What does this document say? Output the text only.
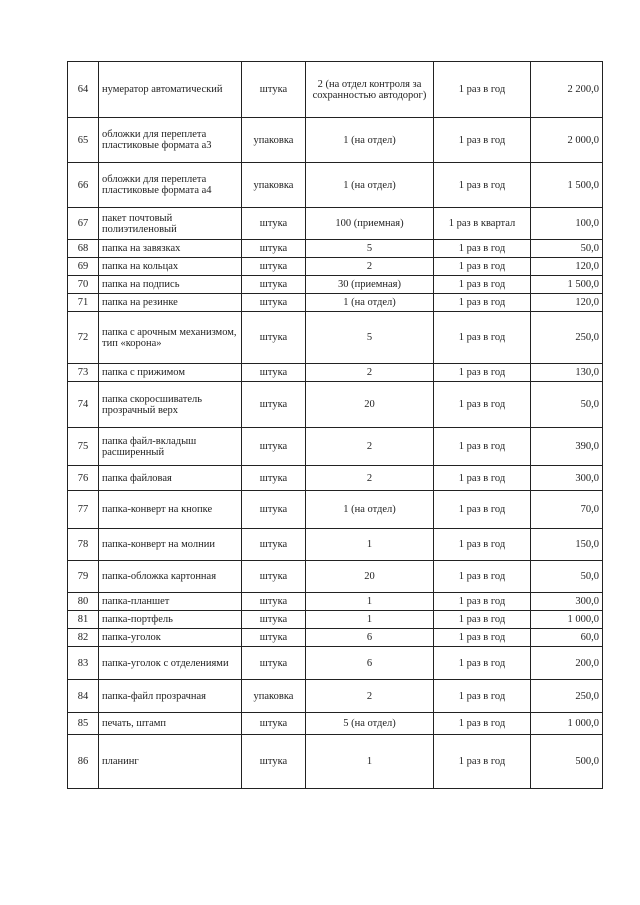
64	нумератор автоматический	штука	2 (на отдел контроля за сохранностью автодорог)	1 раз в год	2 200,0
65	обложки для переплета пластиковые формата а3	упаковка	1 (на отдел)	1 раз в год	2 000,0
66	обложки для переплета пластиковые формата а4	упаковка	1 (на отдел)	1 раз в год	1 500,0
67	пакет почтовый полиэтиленовый	штука	100 (приемная)	1 раз в квартал	100,0
68	папка на завязках	штука	5	1 раз в год	50,0
69	папка на кольцах	штука	2	1 раз в год	120,0
70	папка на подпись	штука	30 (приемная)	1 раз в год	1 500,0
71	папка на резинке	штука	1 (на отдел)	1 раз в год	120,0
72	папка с арочным механизмом, тип «корона»	штука	5	1 раз в год	250,0
73	папка с прижимом	штука	2	1 раз в год	130,0
74	папка скоросшиватель прозрачный верх	штука	20	1 раз в год	50,0
75	папка файл-вкладыш расширенный	штука	2	1 раз в год	390,0
76	папка файловая	штука	2	1 раз в год	300,0
77	папка-конверт на кнопке	штука	1 (на отдел)	1 раз в год	70,0
78	папка-конверт на молнии	штука	1	1 раз в год	150,0
79	папка-обложка картонная	штука	20	1 раз в год	50,0
80	папка-планшет	штука	1	1 раз в год	300,0
81	папка-портфель	штука	1	1 раз в год	1 000,0
82	папка-уголок	штука	6	1 раз в год	60,0
83	папка-уголок с отделениями	штука	6	1 раз в год	200,0
84	папка-файл прозрачная	упаковка	2	1 раз в год	250,0
85	печать, штамп	штука	5 (на отдел)	1 раз в год	1 000,0
86	планинг	штука	1	1 раз в год	500,0
